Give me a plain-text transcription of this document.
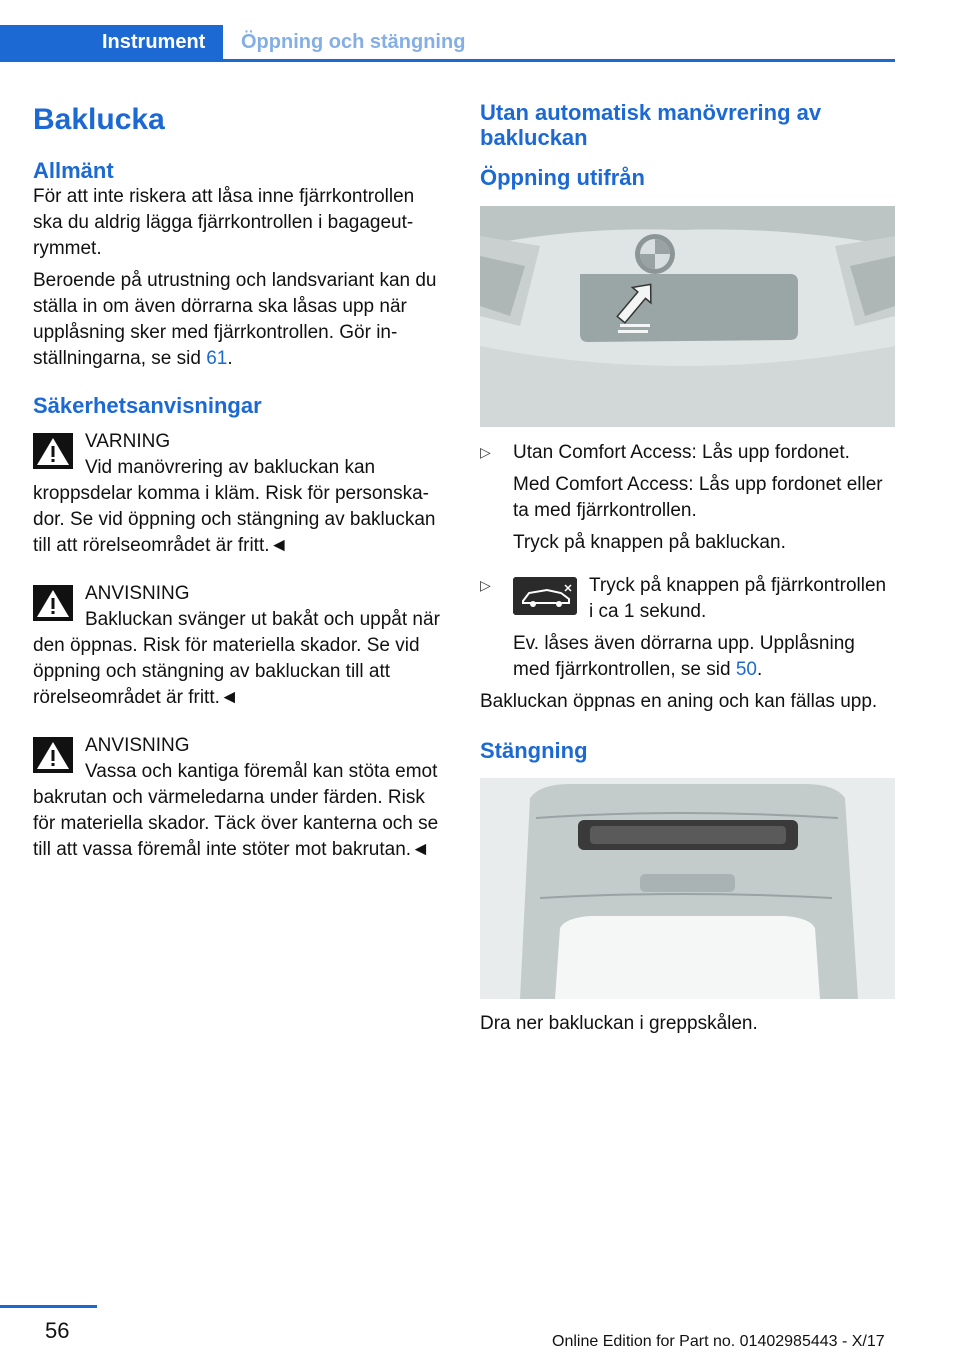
Instrument Öppning och stängning
Baklucka
Allmänt

För att inte riskera att låsa inne fjärrkontrollen ska du aldrig lägga fjärrkontrollen i bagageutrymmet.

Beroende på utrustning och landsvariant kan du ställa in om även dörrarna ska låsas upp när upplåsning sker med fjärrkontrollen. Gör inställningarna, se sid 61.

Säkerhetsanvisningar
VARNING

Vid manövrering av bakluckan kan kroppsdelar komma i kläm. Risk för personskador. Se vid öppning och stängning av bakluckan till att rörelseområdet är fritt.◄

ANVISNING

Bakluckan svänger ut bakåt och uppåt när den öppnas. Risk för materiella skador. Se vid öppning och stängning av bakluckan till att rörelseområdet är fritt.◄

ANVISNING

Vassa och kantiga föremål kan stöta emot bakrutan och värmeledarna under färden. Risk för materiella skador. Täck över kanterna och se till att vassa föremål inte stöter mot bakrutan.◄

Utan automatisk manövrering av bakluckan
Öppning utifrån
▷ Utan Comfort Access: Lås upp fordonet.

Med Comfort Access: Lås upp fordonet eller ta med fjärrkontrollen.

Tryck på knappen på bakluckan.

▷	Tryck på knappen på fjärrkontrollen i ca 1 sekund.

Ev. låses även dörrarna upp. Upplåsning med fjärrkontrollen, se sid 50.

Bakluckan öppnas en aning och kan fällas upp.

Stängning

Dra ner bakluckan i greppskålen.

56	Online Edition for Part no. 01402985443 - X/17
